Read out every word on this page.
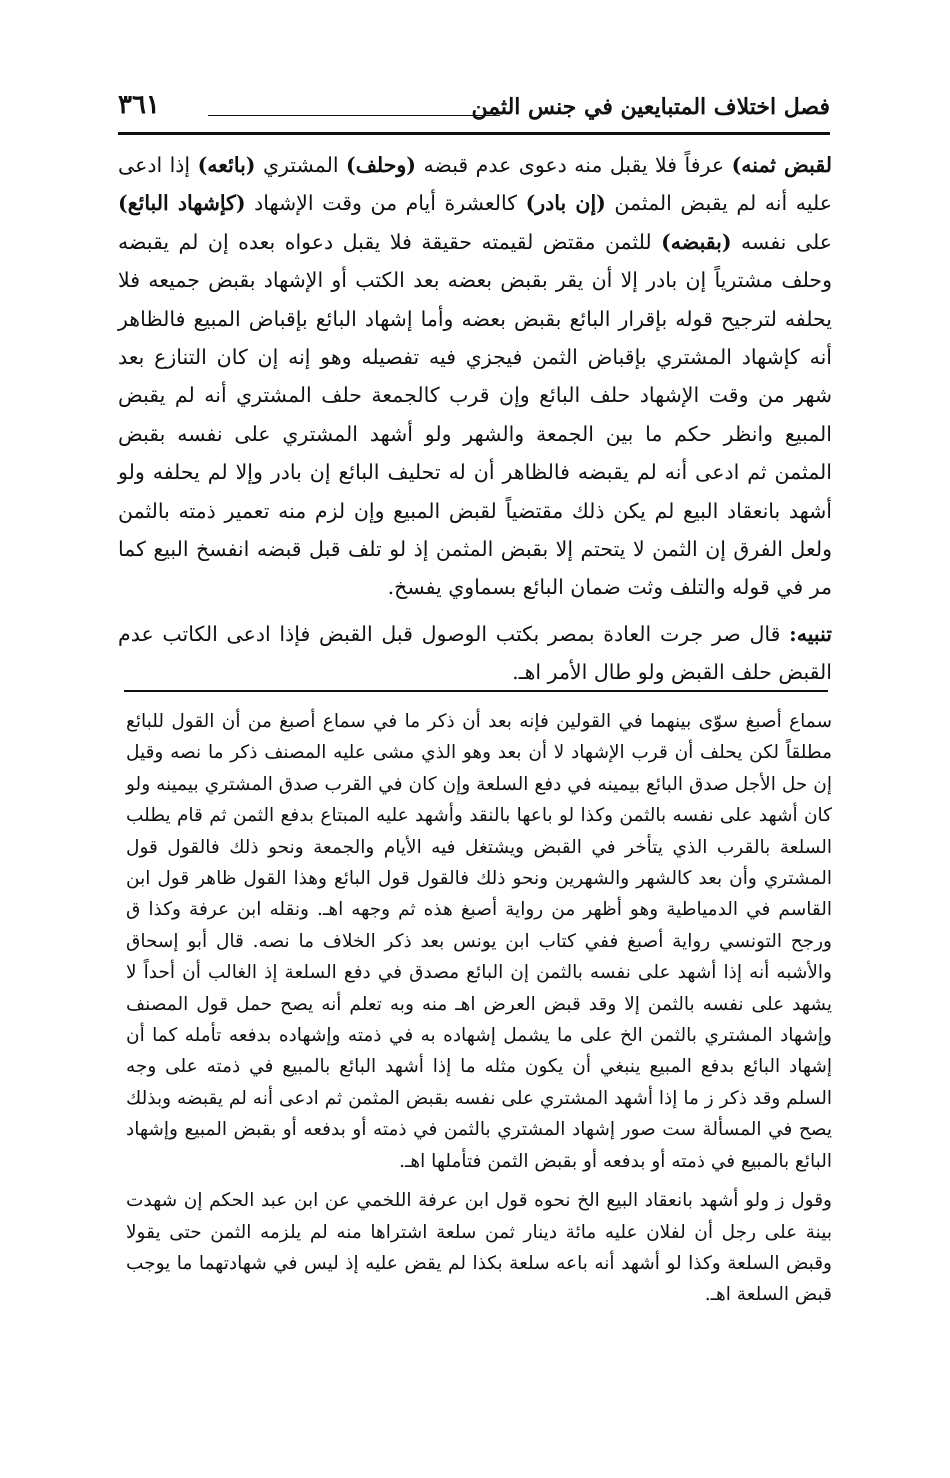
فصل اختلاف المتبايعين في جنس الثمن
٣٦١

لقبض ثمنه) عرفاً فلا يقبل منه دعوى عدم قبضه (وحلف) المشتري (بائعه) إذا ادعى عليه أنه لم يقبض المثمن (إن بادر) كالعشرة أيام من وقت الإشهاد (كإشهاد البائع) على نفسه (بقبضه) للثمن مقتض لقيمته حقيقة فلا يقبل دعواه بعده إن لم يقبضه وحلف مشترياً إن بادر إلا أن يقر بقبض بعضه بعد الكتب أو الإشهاد بقبض جميعه فلا يحلفه لترجيح قوله بإقرار البائع بقبض بعضه وأما إشهاد البائع بإقباض المبيع فالظاهر أنه كإشهاد المشتري بإقباض الثمن فيجزي فيه تفصيله وهو إنه إن كان التنازع بعد شهر من وقت الإشهاد حلف البائع وإن قرب كالجمعة حلف المشتري أنه لم يقبض المبيع وانظر حكم ما بين الجمعة والشهر ولو أشهد المشتري على نفسه بقبض المثمن ثم ادعى أنه لم يقبضه فالظاهر أن له تحليف البائع إن بادر وإلا لم يحلفه ولو أشهد بانعقاد البيع لم يكن ذلك مقتضياً لقبض المبيع وإن لزم منه تعمير ذمته بالثمن ولعل الفرق إن الثمن لا يتحتم إلا بقبض المثمن إذ لو تلف قبل قبضه انفسخ البيع كما مر في قوله والتلف وثت ضمان البائع بسماوي يفسخ.

تنبيه: قال صر جرت العادة بمصر بكتب الوصول قبل القبض فإذا ادعى الكاتب عدم القبض حلف القبض ولو طال الأمر اهـ.

سماع أصبغ سوّى بينهما في القولين فإنه بعد أن ذكر ما في سماع أصبغ من أن القول للبائع مطلقاً لكن يحلف أن قرب الإشهاد لا أن بعد وهو الذي مشى عليه المصنف ذكر ما نصه وقيل إن حل الأجل صدق البائع بيمينه في دفع السلعة وإن كان في القرب صدق المشتري بيمينه ولو كان أشهد على نفسه بالثمن وكذا لو باعها بالنقد وأشهد عليه المبتاع بدفع الثمن ثم قام يطلب السلعة بالقرب الذي يتأخر في القبض ويشتغل فيه الأيام والجمعة ونحو ذلك فالقول قول المشتري وأن بعد كالشهر والشهرين ونحو ذلك فالقول قول البائع وهذا القول ظاهر قول ابن القاسم في الدمياطية وهو أظهر من رواية أصبغ هذه ثم وجهه اهـ. ونقله ابن عرفة وكذا ق ورجح التونسي رواية أصبغ ففي كتاب ابن يونس بعد ذكر الخلاف ما نصه. قال أبو إسحاق والأشبه أنه إذا أشهد على نفسه بالثمن إن البائع مصدق في دفع السلعة إذ الغالب أن أحداً لا يشهد على نفسه بالثمن إلا وقد قبض العرض اهـ منه وبه تعلم أنه يصح حمل قول المصنف وإشهاد المشتري بالثمن الخ على ما يشمل إشهاده به في ذمته وإشهاده بدفعه تأمله كما أن إشهاد البائع بدفع المبيع ينبغي أن يكون مثله ما إذا أشهد البائع بالمبيع في ذمته على وجه السلم وقد ذكر ز ما إذا أشهد المشتري على نفسه بقبض المثمن ثم ادعى أنه لم يقبضه وبذلك يصح في المسألة ست صور إشهاد المشتري بالثمن في ذمته أو بدفعه أو بقبض المبيع وإشهاد البائع بالمبيع في ذمته أو بدفعه أو بقبض الثمن فتأملها اهـ.

وقول ز ولو أشهد بانعقاد البيع الخ نحوه قول ابن عرفة اللخمي عن ابن عبد الحكم إن شهدت بينة على رجل أن لفلان عليه مائة دينار ثمن سلعة اشتراها منه لم يلزمه الثمن حتى يقولا وقبض السلعة وكذا لو أشهد أنه باعه سلعة بكذا لم يقض عليه إذ ليس في شهادتهما ما يوجب قبض السلعة اهـ.
